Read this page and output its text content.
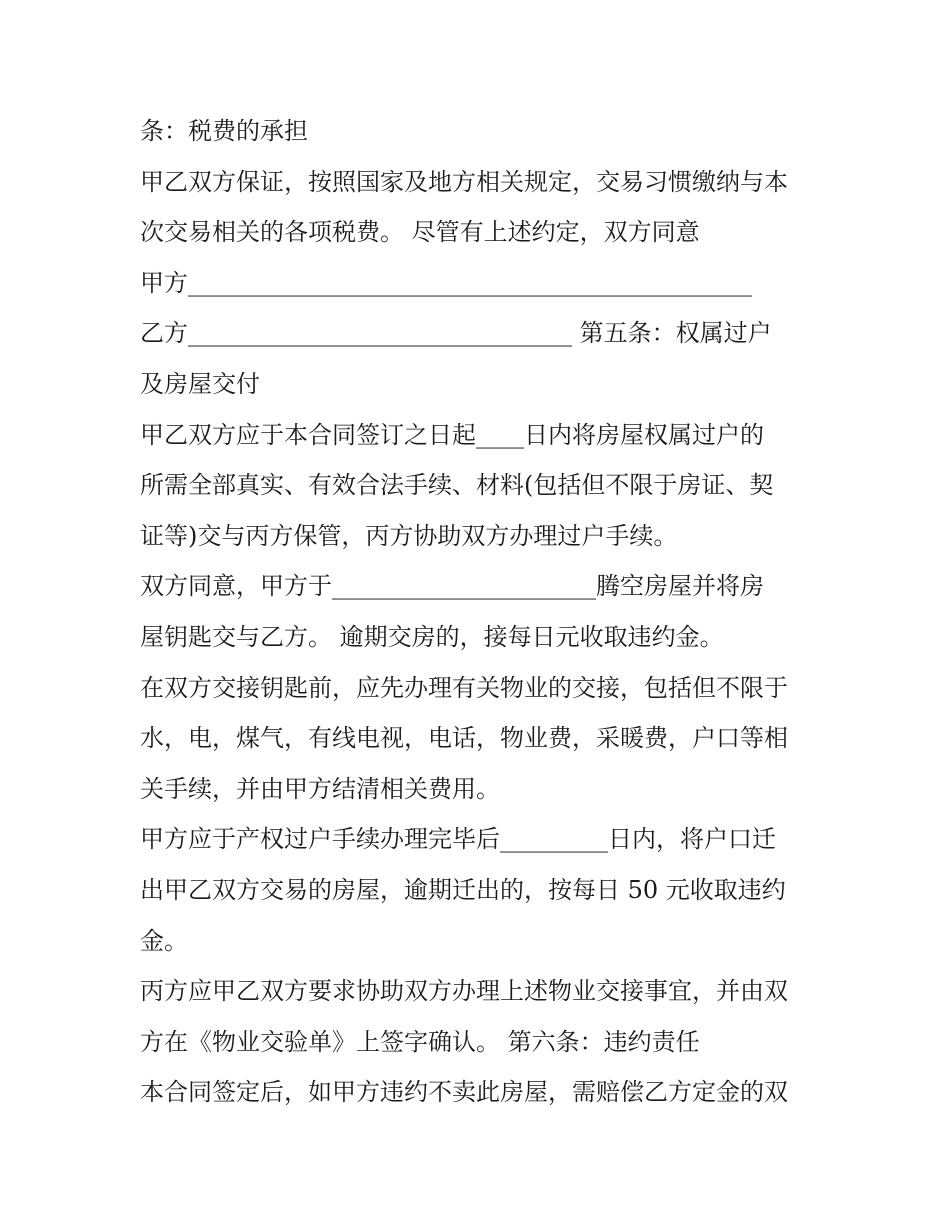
条：税费的承担
甲乙双方保证，按照国家及地方相关规定，交易习惯缴纳与本
次交易相关的各项税费。 尽管有上述约定，双方同意
甲方_______________________________________________
乙方________________________________ 第五条：权属过户
及房屋交付
甲乙双方应于本合同签订之日起____日内将房屋权属过户的
所需全部真实、有效合法手续、材料(包括但不限于房证、契
证等)交与丙方保管，丙方协助双方办理过户手续。
双方同意，甲方于______________________腾空房屋并将房
屋钥匙交与乙方。 逾期交房的，接每日元收取违约金。
在双方交接钥匙前，应先办理有关物业的交接，包括但不限于
水，电，煤气，有线电视，电话，物业费，采暖费，户口等相
关手续，并由甲方结清相关费用。
甲方应于产权过户手续办理完毕后_________日内，将户口迁
出甲乙双方交易的房屋，逾期迁出的，按每日 50 元收取违约
金。
丙方应甲乙双方要求协助双方办理上述物业交接事宜，并由双
方在《物业交验单》上签字确认。 第六条：违约责任
本合同签定后，如甲方违约不卖此房屋，需赔偿乙方定金的双
